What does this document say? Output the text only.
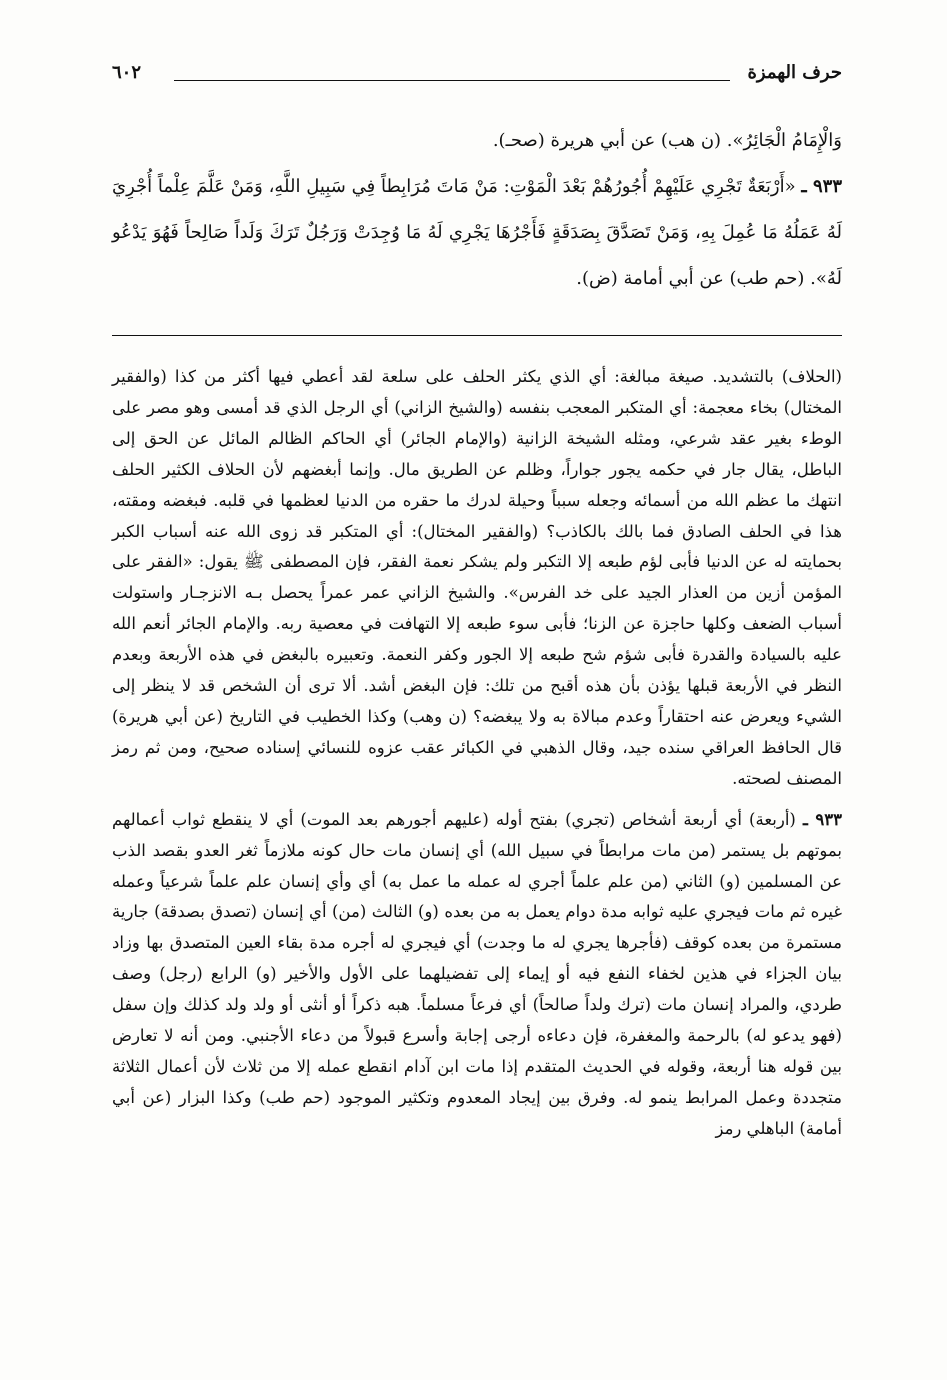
حرف الهمزة
٦٠٢

وَالْإِمَامُ الْجَائِرُ». (ن هب) عن أبي هريرة (صحـ).

٩٣٣ ـ «أَرْبَعَةٌ تَجْرِي عَلَيْهِمْ أُجُورُهُمْ بَعْدَ الْمَوْتِ: مَنْ مَاتَ مُرَابِطاً فِي سَبِيلِ اللَّهِ، وَمَنْ عَلَّمَ عِلْماً أُجْرِيَ لَهُ عَمَلُهُ مَا عُمِلَ بِهِ، وَمَنْ تَصَدَّقَ بِصَدَقَةٍ فَأَجْرُهَا يَجْرِي لَهُ مَا وُجِدَتْ وَرَجُلٌ تَرَكَ وَلَداً صَالِحاً فَهُوَ يَدْعُو لَهُ». (حم طب) عن أبي أمامة (ض).

(الحلاف) بالتشديد. صيغة مبالغة: أي الذي يكثر الحلف على سلعة لقد أعطي فيها أكثر من كذا (والفقير المختال) بخاء معجمة: أي المتكبر المعجب بنفسه (والشيخ الزاني) أي الرجل الذي قد أمسى وهو مصر على الوطء بغير عقد شرعي، ومثله الشيخة الزانية (والإمام الجائر) أي الحاكم الظالم المائل عن الحق إلى الباطل، يقال جار في حكمه يجور جواراً، وظلم عن الطريق مال. وإنما أبغضهم لأن الحلاف الكثير الحلف انتهك ما عظم الله من أسمائه وجعله سبباً وحيلة لدرك ما حقره من الدنيا لعظمها في قلبه. فبغضه ومقته، هذا في الحلف الصادق فما بالك بالكاذب؟ (والفقير المختال): أي المتكبر قد زوى الله عنه أسباب الكبر بحمايته له عن الدنيا فأبى لؤم طبعه إلا التكبر ولم يشكر نعمة الفقر، فإن المصطفى ﷺ يقول: «الفقر على المؤمن أزين من العذار الجيد على خد الفرس». والشيخ الزاني عمر عمراً يحصل بـه الانزجـار واستولت أسباب الضعف وكلها حاجزة عن الزنا؛ فأبى سوء طبعه إلا التهافت في معصية ربه. والإمام الجائر أنعم الله عليه بالسيادة والقدرة فأبى شؤم شح طبعه إلا الجور وكفر النعمة. وتعبيره بالبغض في هذه الأربعة وبعدم النظر في الأربعة قبلها يؤذن بأن هذه أقبح من تلك: فإن البغض أشد. ألا ترى أن الشخص قد لا ينظر إلى الشيء ويعرض عنه احتقاراً وعدم مبالاة به ولا يبغضه؟ (ن وهب) وكذا الخطيب في التاريخ (عن أبي هريرة) قال الحافظ العراقي سنده جيد، وقال الذهبي في الكبائر عقب عزوه للنسائي إسناده صحيح، ومن ثم رمز المصنف لصحته.

٩٣٣ ـ (أربعة) أي أربعة أشخاص (تجري) بفتح أوله (عليهم أجورهم بعد الموت) أي لا ينقطع ثواب أعمالهم بموتهم بل يستمر (من مات مرابطاً في سبيل الله) أي إنسان مات حال كونه ملازماً ثغر العدو بقصد الذب عن المسلمين (و) الثاني (من علم علماً أجري له عمله ما عمل به) أي وأي إنسان علم علماً شرعياً وعمله غيره ثم مات فيجري عليه ثوابه مدة دوام يعمل به من بعده (و) الثالث (من) أي إنسان (تصدق بصدقة) جارية مستمرة من بعده كوقف (فأجرها يجري له ما وجدت) أي فيجري له أجره مدة بقاء العين المتصدق بها وزاد بيان الجزاء في هذين لخفاء النفع فيه أو إيماء إلى تفضيلهما على الأول والأخير (و) الرابع (رجل) وصف طردي، والمراد إنسان مات (ترك ولداً صالحاً) أي فرعاً مسلماً. هبه ذكراً أو أنثى أو ولد ولد كذلك وإن سفل (فهو يدعو له) بالرحمة والمغفرة، فإن دعاءه أرجى إجابة وأسرع قبولاً من دعاء الأجنبي. ومن أنه لا تعارض بين قوله هنا أربعة، وقوله في الحديث المتقدم إذا مات ابن آدام انقطع عمله إلا من ثلاث لأن أعمال الثلاثة متجددة وعمل المرابط ينمو له. وفرق بين إيجاد المعدوم وتكثير الموجود (حم طب) وكذا البزار (عن أبي أمامة) الباهلي رمز
